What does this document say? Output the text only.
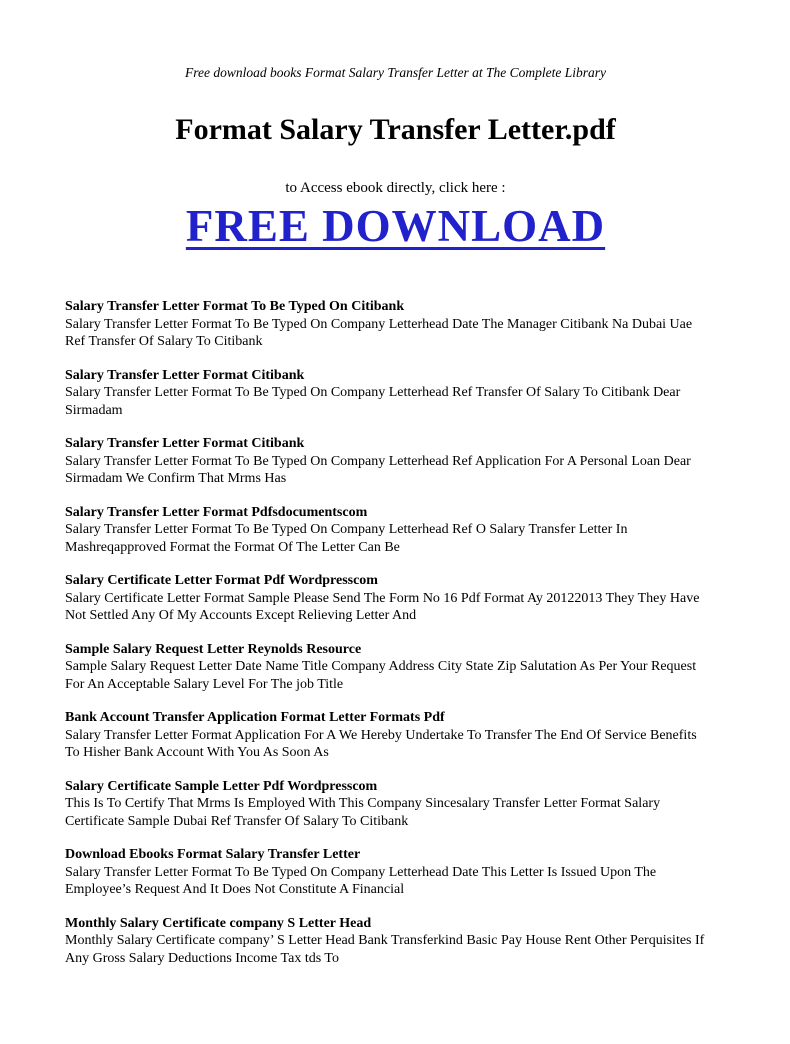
Free download books Format Salary Transfer Letter at The Complete Library
Format Salary Transfer Letter.pdf
to Access ebook directly, click here :
FREE DOWNLOAD
Salary Transfer Letter Format To Be Typed On Citibank
Salary Transfer Letter Format To Be Typed On Company Letterhead Date The Manager Citibank Na Dubai Uae
Ref Transfer Of Salary To Citibank
Salary Transfer Letter Format Citibank
Salary Transfer Letter Format To Be Typed On Company Letterhead Ref Transfer Of Salary To Citibank Dear
Sirmadam
Salary Transfer Letter Format Citibank
Salary Transfer Letter Format To Be Typed On Company Letterhead Ref Application For A Personal Loan Dear
Sirmadam We Confirm That Mrms Has
Salary Transfer Letter Format Pdfsdocumentscom
Salary Transfer Letter Format To Be Typed On Company Letterhead Ref O Salary Transfer Letter In
Mashreqapproved Format the Format Of The Letter Can Be
Salary Certificate Letter Format Pdf Wordpresscom
Salary Certificate Letter Format Sample Please Send The Form No 16 Pdf Format Ay 20122013 They They Have
Not Settled Any Of My Accounts Except Relieving Letter And
Sample Salary Request Letter Reynolds Resource
Sample Salary Request Letter Date Name Title Company Address City State Zip Salutation As Per Your Request
For An Acceptable Salary Level For The job Title
Bank Account Transfer Application Format Letter Formats Pdf
Salary Transfer Letter Format Application For A We Hereby Undertake To Transfer The End Of Service Benefits
To Hisher Bank Account With You As Soon As
Salary Certificate Sample Letter Pdf Wordpresscom
This Is To Certify That Mrms Is Employed With This Company Sincesalary Transfer Letter Format Salary
Certificate Sample Dubai Ref Transfer Of Salary To Citibank
Download Ebooks Format Salary Transfer Letter
Salary Transfer Letter Format To Be Typed On Company Letterhead Date This Letter Is Issued Upon The
Employee’s Request And It Does Not Constitute A Financial
Monthly Salary Certificate company S Letter Head
Monthly Salary Certificate company’ S Letter Head Bank Transferkind Basic Pay House Rent Other Perquisites If
Any Gross Salary Deductions Income Tax tds To
